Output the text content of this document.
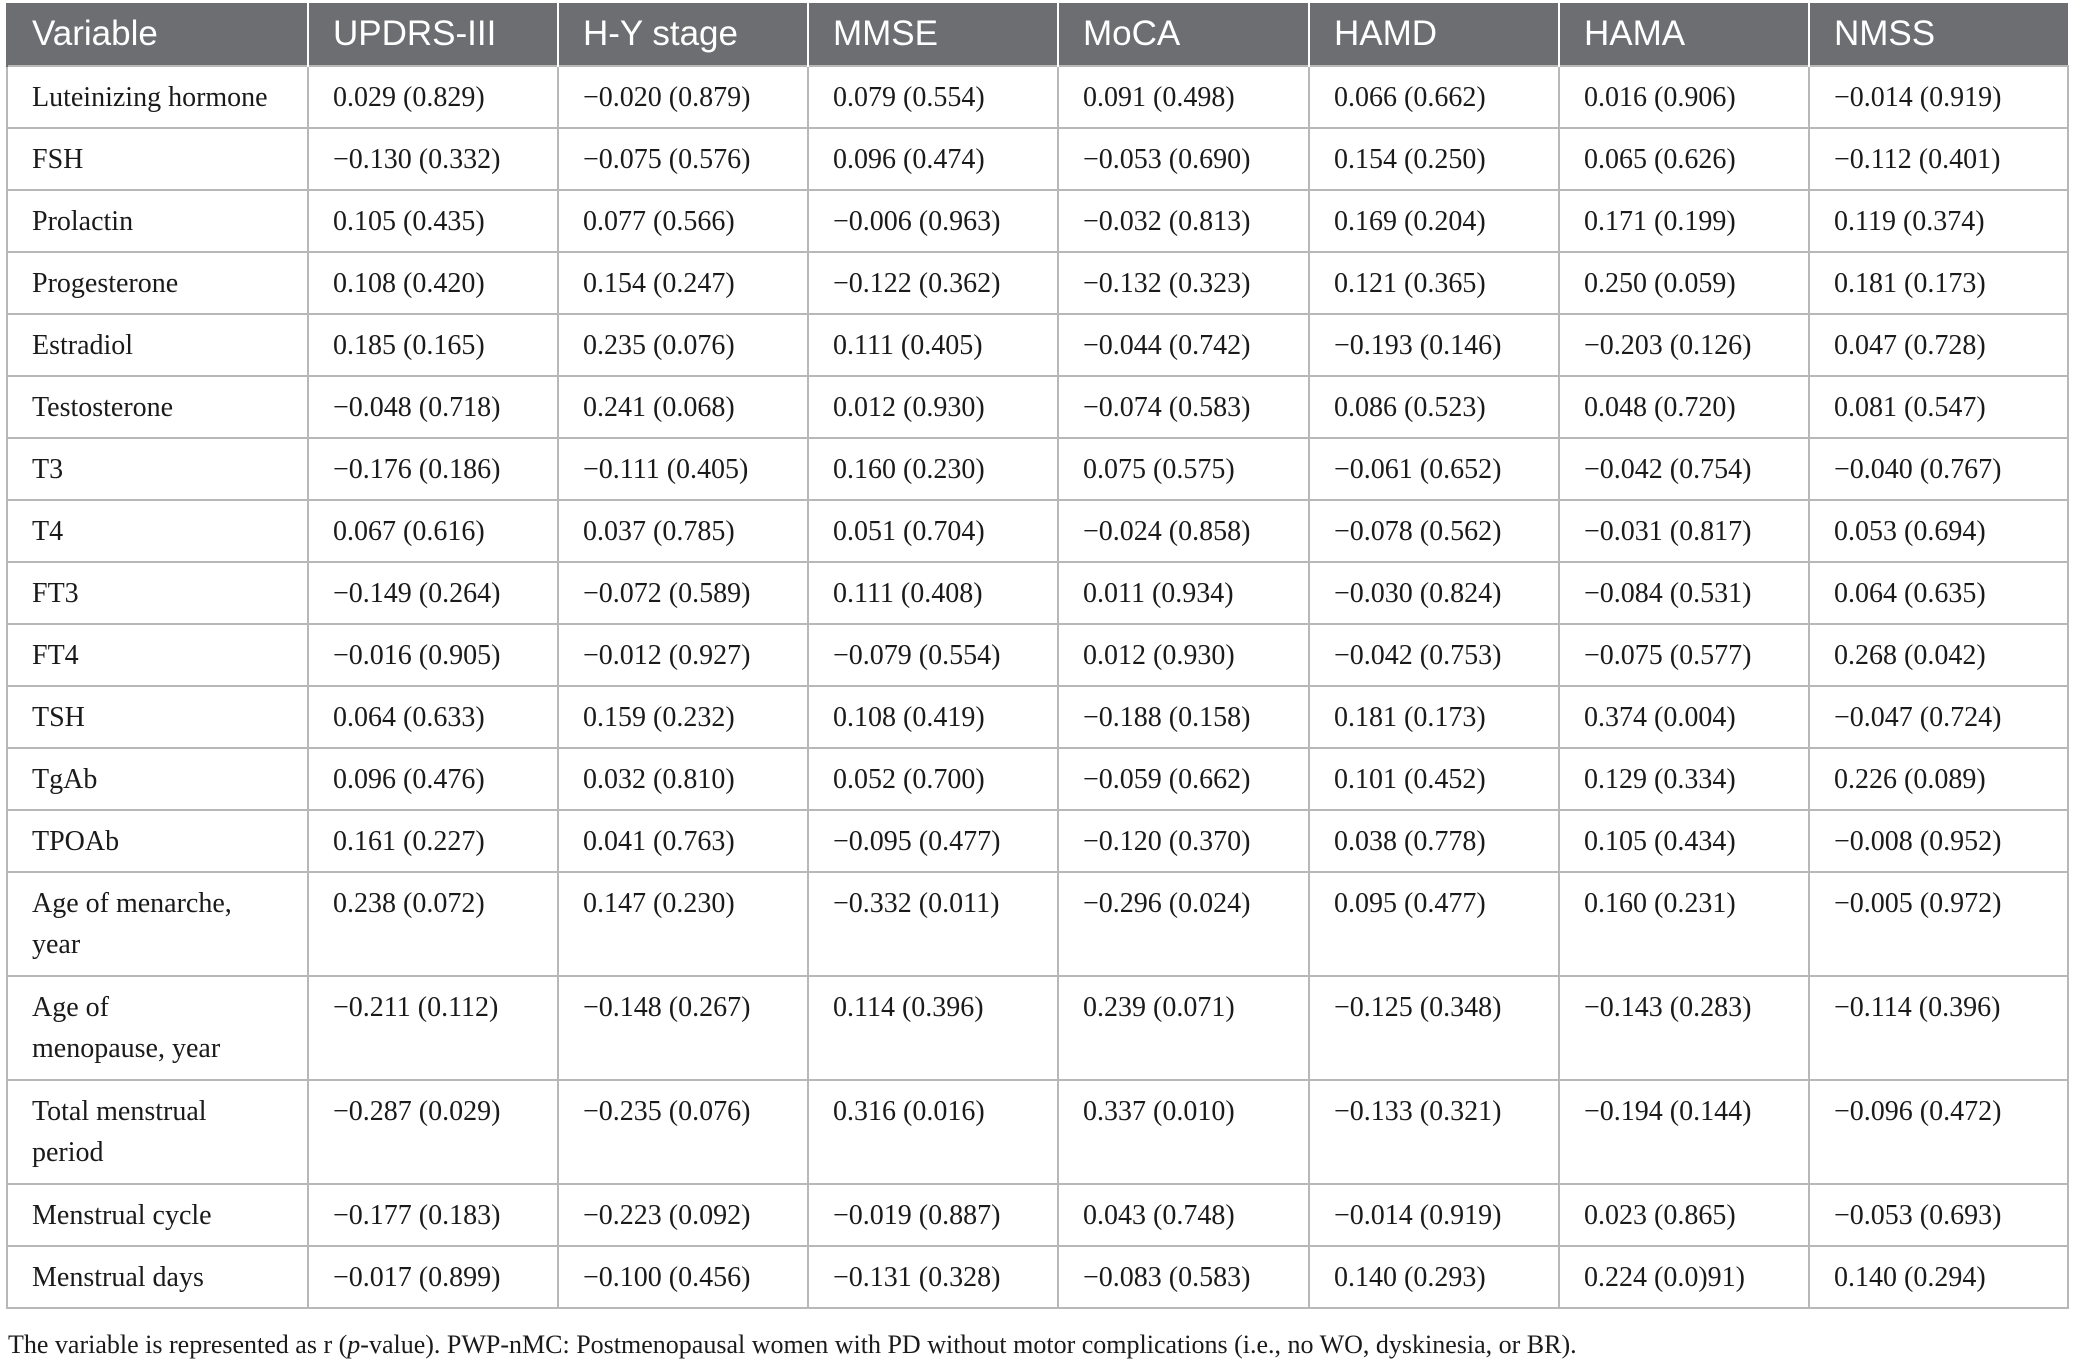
Variable	UPDRS-III	H-Y stage	MMSE	MoCA	HAMD	HAMA	NMSS
Luteinizing hormone	0.029 (0.829)	−0.020 (0.879)	0.079 (0.554)	0.091 (0.498)	0.066 (0.662)	0.016 (0.906)	−0.014 (0.919)
FSH	−0.130 (0.332)	−0.075 (0.576)	0.096 (0.474)	−0.053 (0.690)	0.154 (0.250)	0.065 (0.626)	−0.112 (0.401)
Prolactin	0.105 (0.435)	0.077 (0.566)	−0.006 (0.963)	−0.032 (0.813)	0.169 (0.204)	0.171 (0.199)	0.119 (0.374)
Progesterone	0.108 (0.420)	0.154 (0.247)	−0.122 (0.362)	−0.132 (0.323)	0.121 (0.365)	0.250 (0.059)	0.181 (0.173)
Estradiol	0.185 (0.165)	0.235 (0.076)	0.111 (0.405)	−0.044 (0.742)	−0.193 (0.146)	−0.203 (0.126)	0.047 (0.728)
Testosterone	−0.048 (0.718)	0.241 (0.068)	0.012 (0.930)	−0.074 (0.583)	0.086 (0.523)	0.048 (0.720)	0.081 (0.547)
T3	−0.176 (0.186)	−0.111 (0.405)	0.160 (0.230)	0.075 (0.575)	−0.061 (0.652)	−0.042 (0.754)	−0.040 (0.767)
T4	0.067 (0.616)	0.037 (0.785)	0.051 (0.704)	−0.024 (0.858)	−0.078 (0.562)	−0.031 (0.817)	0.053 (0.694)
FT3	−0.149 (0.264)	−0.072 (0.589)	0.111 (0.408)	0.011 (0.934)	−0.030 (0.824)	−0.084 (0.531)	0.064 (0.635)
FT4	−0.016 (0.905)	−0.012 (0.927)	−0.079 (0.554)	0.012 (0.930)	−0.042 (0.753)	−0.075 (0.577)	0.268 (0.042)
TSH	0.064 (0.633)	0.159 (0.232)	0.108 (0.419)	−0.188 (0.158)	0.181 (0.173)	0.374 (0.004)	−0.047 (0.724)
TgAb	0.096 (0.476)	0.032 (0.810)	0.052 (0.700)	−0.059 (0.662)	0.101 (0.452)	0.129 (0.334)	0.226 (0.089)
TPOAb	0.161 (0.227)	0.041 (0.763)	−0.095 (0.477)	−0.120 (0.370)	0.038 (0.778)	0.105 (0.434)	−0.008 (0.952)
Age of menarche, year	0.238 (0.072)	0.147 (0.230)	−0.332 (0.011)	−0.296 (0.024)	0.095 (0.477)	0.160 (0.231)	−0.005 (0.972)
Age of menopause, year	−0.211 (0.112)	−0.148 (0.267)	0.114 (0.396)	0.239 (0.071)	−0.125 (0.348)	−0.143 (0.283)	−0.114 (0.396)
Total menstrual period	−0.287 (0.029)	−0.235 (0.076)	0.316 (0.016)	0.337 (0.010)	−0.133 (0.321)	−0.194 (0.144)	−0.096 (0.472)
Menstrual cycle	−0.177 (0.183)	−0.223 (0.092)	−0.019 (0.887)	0.043 (0.748)	−0.014 (0.919)	0.023 (0.865)	−0.053 (0.693)
Menstrual days	−0.017 (0.899)	−0.100 (0.456)	−0.131 (0.328)	−0.083 (0.583)	0.140 (0.293)	0.224 (0.0)91)	0.140 (0.294)
The variable is represented as r (p-value). PWP-nMC: Postmenopausal women with PD without motor complications (i.e., no WO, dyskinesia, or BR).
